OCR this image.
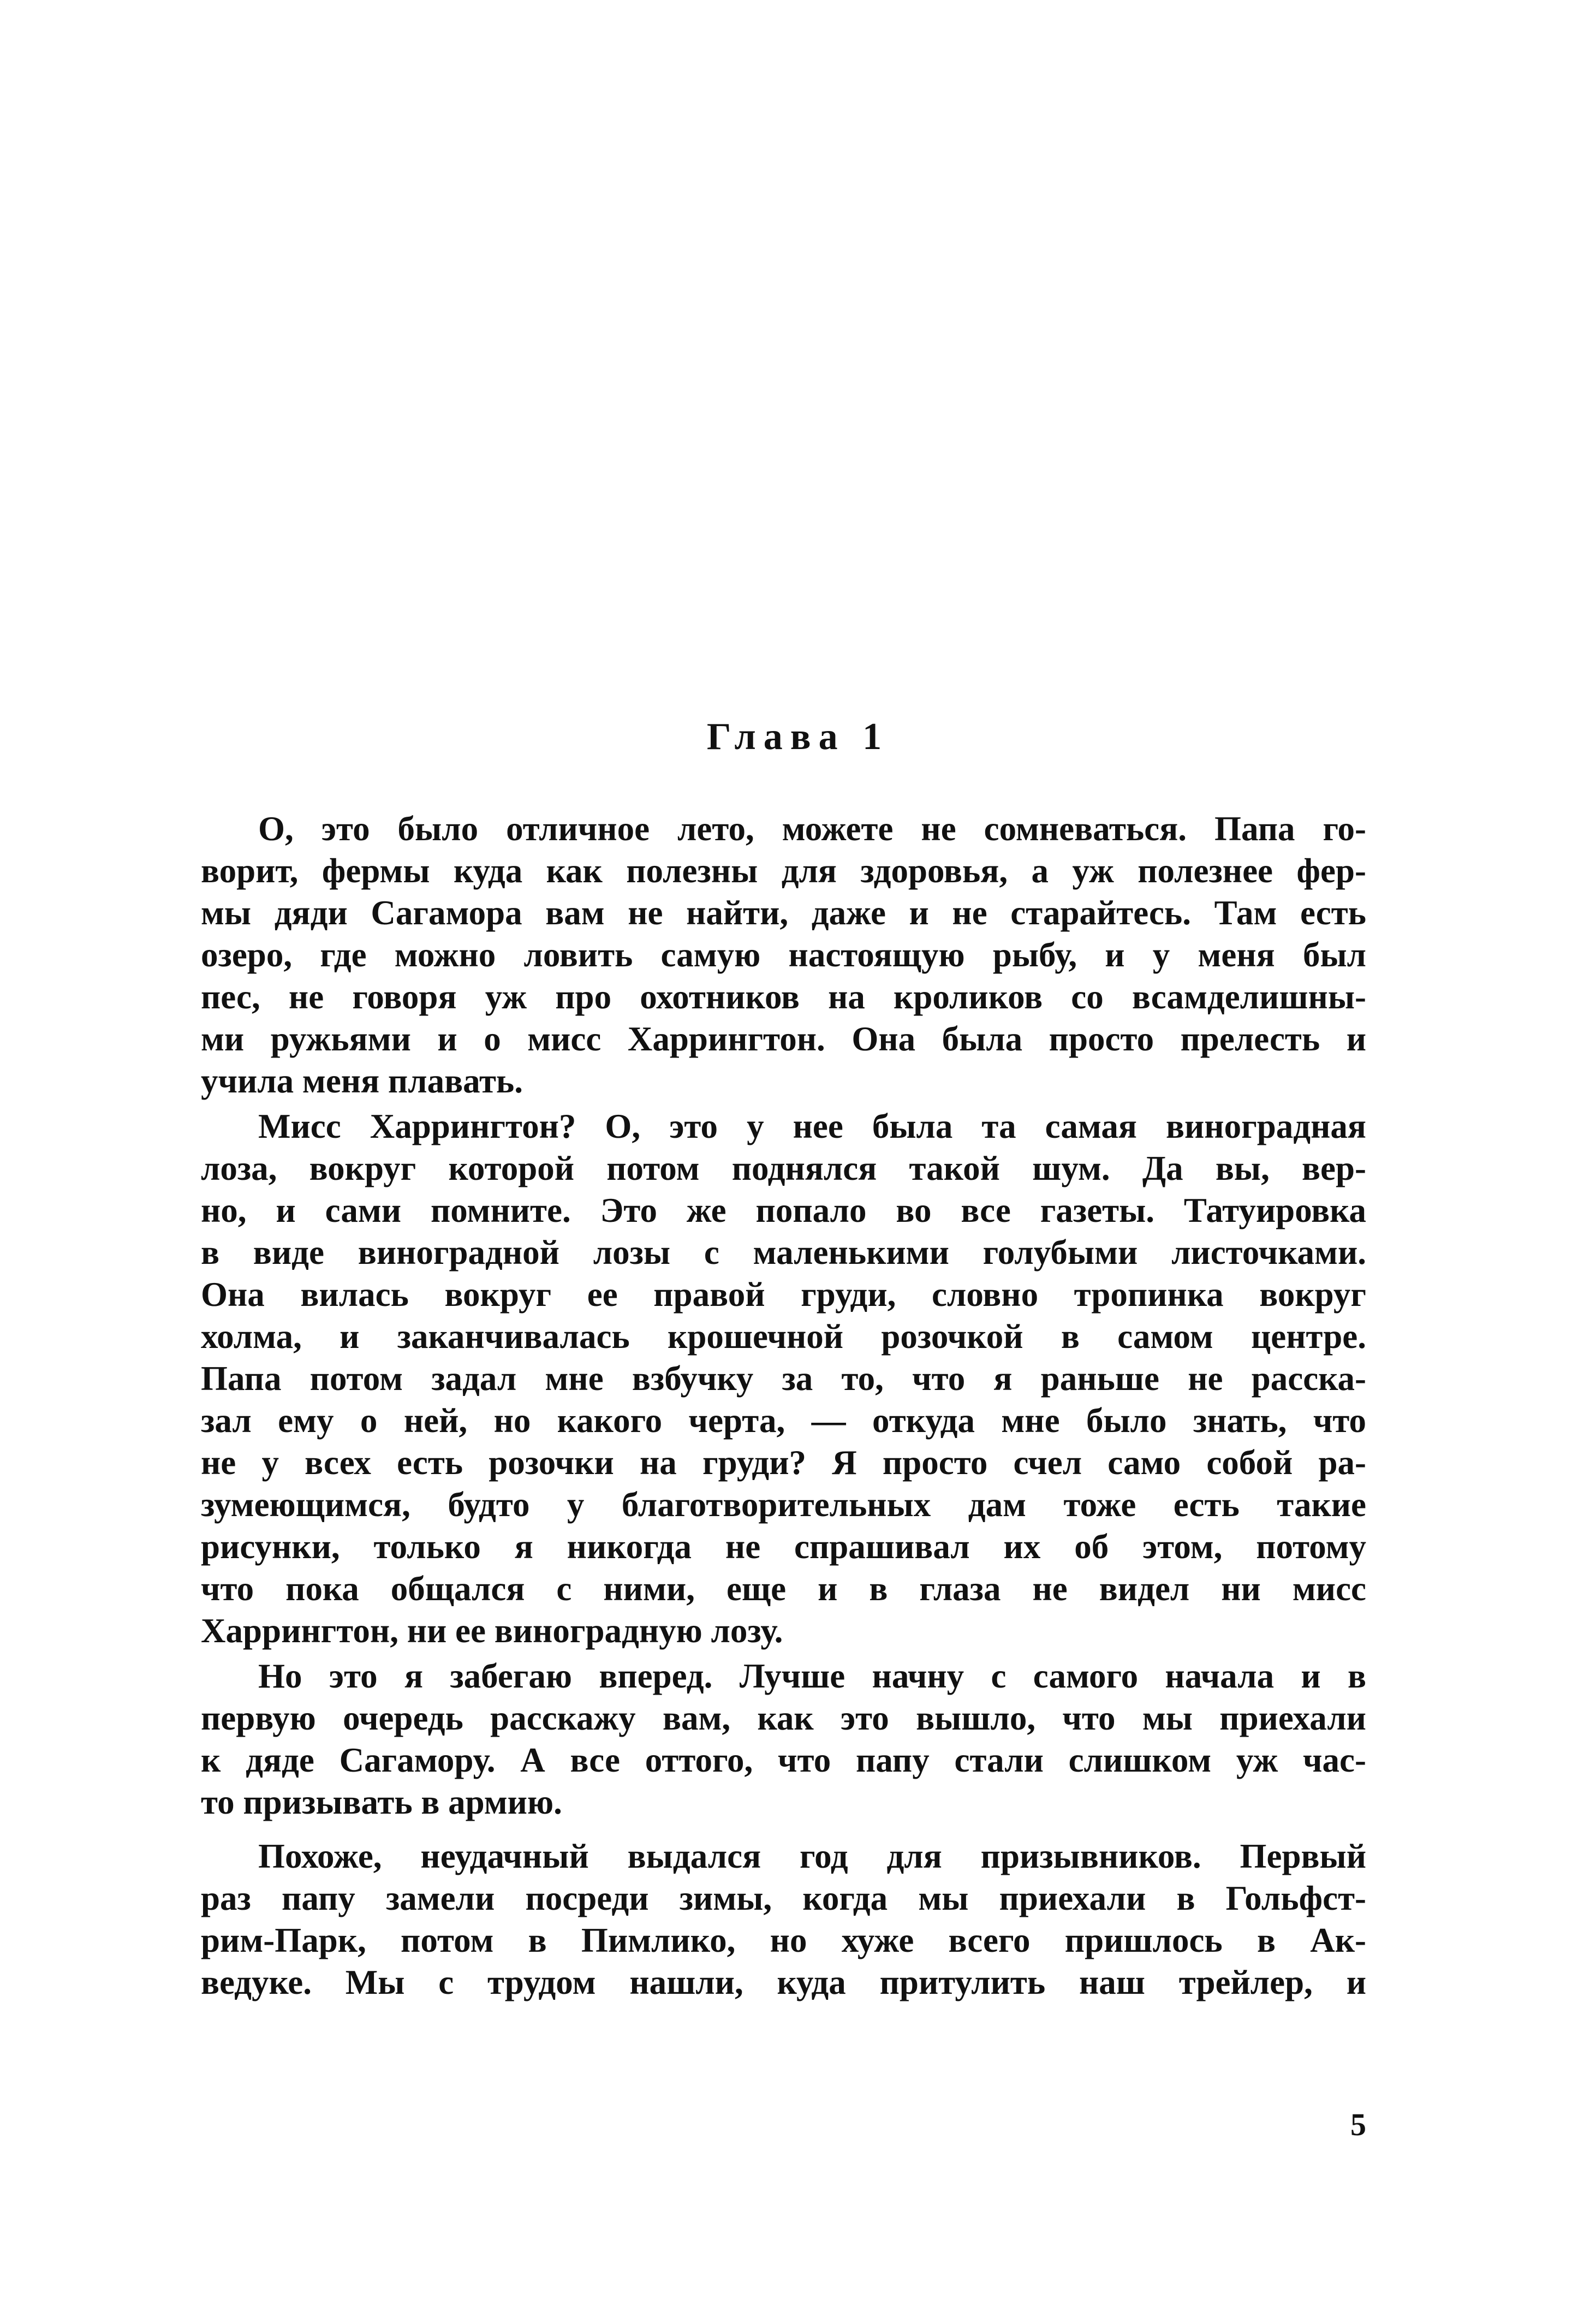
Глава 1
О, это было отличное лето, можете не сомневаться. Папа го-
ворит, фермы куда как полезны для здоровья, а уж полезнее фер-
мы дяди Сагамора вам не найти, даже и не старайтесь. Там есть
озеро, где можно ловить самую настоящую рыбу, и у меня был
пес, не говоря уж про охотников на кроликов со всамделишны-
ми ружьями и о мисс Харрингтон. Она была просто прелесть и
учила меня плавать.
Мисс Харрингтон? О, это у нее была та самая виноградная
лоза, вокруг которой потом поднялся такой шум. Да вы, вер-
но, и сами помните. Это же попало во все газеты. Татуировка
в виде виноградной лозы с маленькими голубыми листочками.
Она вилась вокруг ее правой груди, словно тропинка вокруг
холма, и заканчивалась крошечной розочкой в самом центре.
Папа потом задал мне взбучку за то, что я раньше не расска-
зал ему о ней, но какого черта, — откуда мне было знать, что
не у всех есть розочки на груди? Я просто счел само собой ра-
зумеющимся, будто у благотворительных дам тоже есть такие
рисунки, только я никогда не спрашивал их об этом, потому
что пока общался с ними, еще и в глаза не видел ни мисс
Харрингтон, ни ее виноградную лозу.
Но это я забегаю вперед. Лучше начну с самого начала и в
первую очередь расскажу вам, как это вышло, что мы приехали
к дяде Сагамору. А все оттого, что папу стали слишком уж час-
то призывать в армию.
Похоже, неудачный выдался год для призывников. Первый
раз папу замели посреди зимы, когда мы приехали в Гольфст-
рим-Парк, потом в Пимлико, но хуже всего пришлось в Ак-
ведуке. Мы с трудом нашли, куда притулить наш трейлер, и
5
